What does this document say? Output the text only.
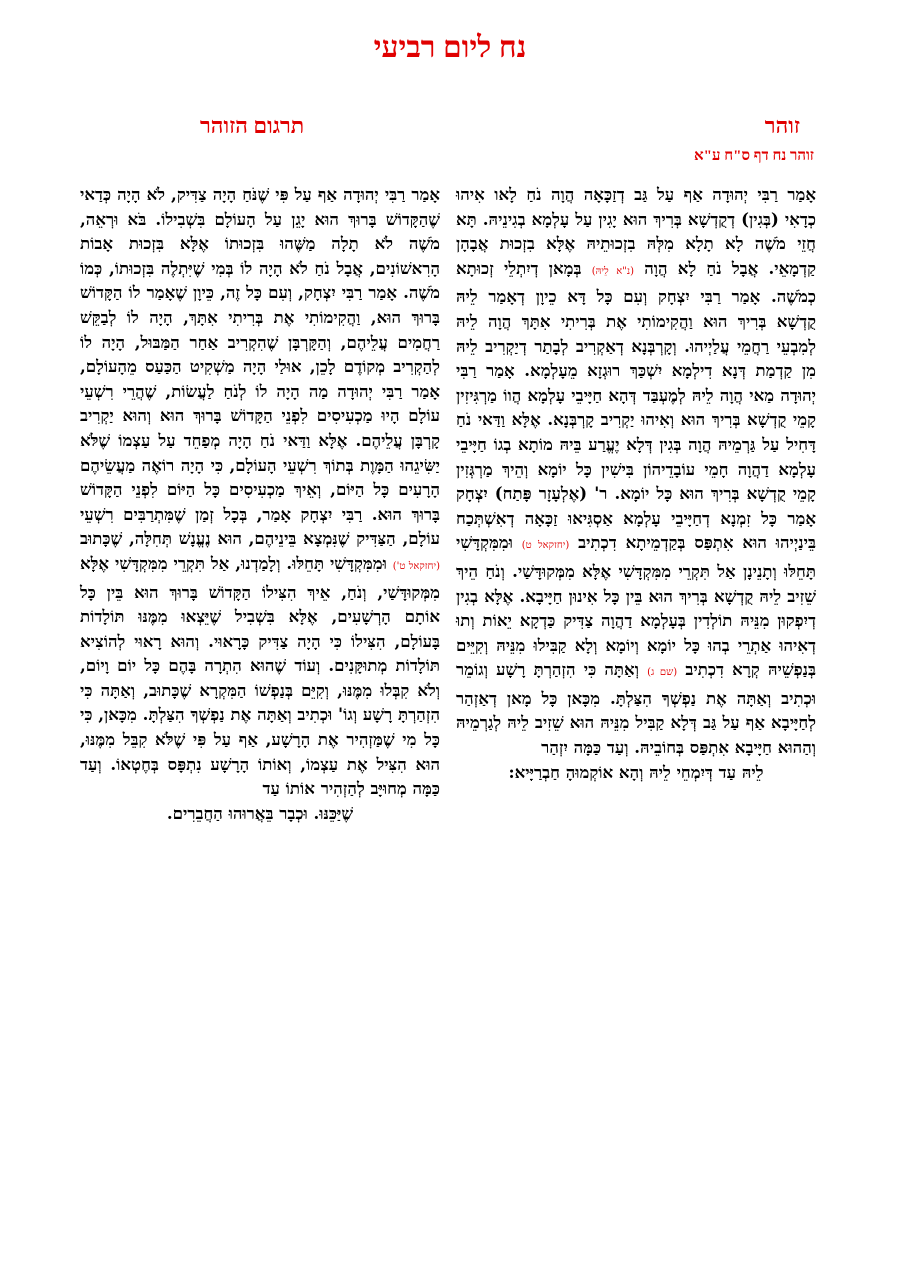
נח ליום רביעי
זוהר
תרגום הזוהר
זוהר נח דף ס"ח ע"א

אָמַר רַבִּי יְהוּדָה אַף עַל גַּב דְזַכָּאָה הֲוָה נֹחַ לָאו אִיהוּ כְדָאִי (בְּגִין) דְקֻדְשָׁא בְּרִיךְ הוּא יָגִין עַל עָלְמָא בְגִינֵיהּ. תָּא חֲזֵי מֹשֶׁה לָא תָלָא מִלְּהּ בִזְכוּתֵיהּ אֶלָּא בִזְכוּת אֲבָהָן קַדְמָאֵי. אֲבָל נֹחַ לָא הֲוָה (נ"א לֵיהּ) בְּמָאן דְיִתְלֵי זְכוּתָא כְמֹשֶׁה. אָמַר רַבִּי יִצְחָק וְעִם כָּל דָּא כֵיוָן דְאָמַר לֵיהּ קֻדְשָׁא בְּרִיךְ הוּא וַהֲקִימוֹתִי אֶת בְּרִיתִי אִתָּךְ הֲוָה לֵיהּ לְמִבְעֵי רַחֲמֵי עֲלַיְיהוּ. וְקָרְבְּנָא דְאַקְרִיב לְבָתַר דְיַקְרִיב לֵיהּ מִן קַדְמַת דְּנָא דִילְמָא יִשְׁכַּךְ רוּגְזָא מֵעָלְמָא. אָמַר רַבִּי יְהוּדָה מַאי הֲוָה לֵיהּ לְמֶעְבַּד דְּהָא חַיָּיבֵי עָלְמָא הֲווֹ מַרְגִּיזִין קָמֵי קֻדְשָׁא בְּרִיךְ הוּא וְאִיהוּ יַקְרִיב קָרְבְּנָא. אֶלָּא וַדַּאי נֹחַ דָּחִיל עַל גַּרְמֵיהּ הֲוָה בְּגִין דְּלָא יֶעֱרַע בֵּיהּ מוֹתָא בְגוֹ חַיָּיבֵי עָלְמָא דַהֲוָה חָמֵי עוֹבָדֵיהוֹן בִּישִׁין כָּל יוֹמָא וְהֵיךְ מַרְגְּזִין קָמֵי קֻדְשָׁא בְּרִיךְ הוּא כָּל יוֹמָא. ר' (אֶלְעָזָר פָּתַח) יִצְחָק אָמַר כָּל זִמְנָא דְחַיָּיבֵי עָלְמָא אַסְגִּיאוּ זַכָּאָה דְאִשְׁתְּכַח בֵּינַיְיהוּ הוּא אִתְפַּס בְּקַדְמֵיתָא דִכְתִיב (יחזקאל ט) וּמִמִּקְדָּשִׁי תָּחֵלּוּ וְתָנֵינָן אַל תִּקְרֵי מִמִּקְדָּשִׁי אֶלָּא מִמְּקוּדָּשַׁי. וְנֹחַ הֵיךְ שֵׁזִיב לֵיהּ קֻדְשָׁא בְּרִיךְ הוּא בֵּין כָּל אִינוּן חַיָּיבָא. אֶלָּא בְגִין דְיִפְקוּן מִנֵּיהּ תוֹלְדִין בְּעָלְמָא דַהֲוָה צַדִּיק כַּדְקָא יֵאוֹת וְתוּ דְאִיהוּ אַתְרֵי בְהוּ כָּל יוֹמָא וְיוֹמָא וְלָא קַבִּילוּ מִנֵּיהּ וְקִיֵּים בְּנַפְשֵׁיהּ קְרָא דִכְתִיב (שם ג) וְאַתָּה כִּי הִזְהַרְתָּ רָשָׁע וְגוֹמֵר וּכְתִיב וְאַתָּה אֶת נַפְשְׁךָ הִצַּלְתָּ. מִכָּאן כָּל מָאן דְאַזְהַר לְחַיָּיבָא אַף עַל גַּב דְּלָא קַבִּיל מִנֵּיהּ הוּא שֵׁזִיב לֵיהּ לְגַרְמֵיהּ וְהַהוּא חַיָּיבָא אִתְפַּס בְּחוֹבֵיהּ. וְעַד כַּמָּה יִזְהַר
לֵיהּ עַד דְּיִמְחֵי לֵיהּ וְהָא אוֹקְמוּהָ חַבְרַיָּיא:

אָמַר רַבִּי יְהוּדָה אַף עַל פִּי שֶׁנֹּחַ הָיָה צַדִּיק, לֹא הָיָה כְּדַאי שֶׁהַקָּדוֹשׁ בָּרוּךְ הוּא יָגֵן עַל הָעוֹלָם בִּשְׁבִילוֹ. בֹּא וּרְאֵה, מֹשֶׁה לֹא תָלָה מַשֶּׁהוּ בִּזְכוּתוֹ אֶלָּא בִּזְכוּת אָבוֹת הָרִאשׁוֹנִים, אֲבָל נֹחַ לֹא הָיָה לוֹ בְּמִי שֶׁיִּתְלֶה בִּזְכוּתוֹ, כְּמוֹ מֹשֶׁה. אָמַר רַבִּי יִצְחָק, וְעִם כָּל זֶה, כֵּיוָן שֶׁאָמַר לוֹ הַקָּדוֹשׁ בָּרוּךְ הוּא, וַהֲקִימוֹתִי אֶת בְּרִיתִי אִתָּךְ, הָיָה לוֹ לְבַקֵּשׁ רַחֲמִים עֲלֵיהֶם, וְהַקָּרְבָּן שֶׁהִקְרִיב אַחַר הַמַּבּוּל, הָיָה לוֹ לְהַקְרִיב מְקוֹדֶם לָכֵן, אוּלַי הָיָה מַשְׁקִיט הַכַּעַס מֵהָעוֹלָם, אָמַר רַבִּי יְהוּדָה מַה הָיָה לוֹ לְנֹחַ לַעֲשׂוֹת, שֶׁהֲרֵי רִשְׁעֵי עוֹלָם הָיוּ מַכְעִיסִים לִפְנֵי הַקָּדוֹשׁ בָּרוּךְ הוּא וְהוּא יַקְרִיב קָרְבָּן עֲלֵיהֶם. אֶלָּא וַדַּאי נֹחַ הָיָה מְפַחֵד עַל עַצְמוֹ שֶׁלֹּא יַשִּׂיגֵהוּ הַמָּוֶת בְּתוֹךְ רִשְׁעֵי הָעוֹלָם, כִּי הָיָה רוֹאֶה מַעֲשֵׂיהֶם הָרָעִים כָּל הַיּוֹם, וְאֵיךְ מַכְעִיסִים כָּל הַיּוֹם לִפְנֵי הַקָּדוֹשׁ בָּרוּךְ הוּא. רַבִּי יִצְחָק אָמַר, בְּכָל זְמַן שֶׁמִּתְרַבִּים רִשְׁעֵי עוֹלָם, הַצַּדִּיק שֶׁנִּמְצָא בֵּינֵיהֶם, הוּא נֶעֱנָשׁ תְּחִלָּה, שֶׁכָּתוּב (יחזקאל ט') וּמִמִּקְדָּשִׁי תָּחֵלּוּ. וְלָמַדְנוּ, אַל תִּקְרֵי מִמִּקְדָּשִׁי אֶלָּא מִמְּקוּדָּשַׁי, וְנֹחַ, אֵיךְ הִצִּילוֹ הַקָּדוֹשׁ בָּרוּךְ הוּא בֵּין כָּל אוֹתָם הָרְשָׁעִים, אֶלָּא בִּשְׁבִיל שֶׁיֵּצְאוּ מִמֶּנּוּ תּוֹלָדוֹת בָּעוֹלָם, הִצִּילוֹ כִּי הָיָה צַדִּיק כָּרָאוּי. וְהוּא רָאוּי לְהוֹצִיא תּוֹלָדוֹת מְתוּקָּנִים. וְעוֹד שֶׁהוּא הִתְרָה בָּהֶם כָּל יוֹם וָיוֹם, וְלֹא קִבְּלוּ מִמֶּנּוּ, וְקִיֵּם בְּנַפְשׁוֹ הַמִּקְרָא שֶׁכָּתוּב, וְאַתָּה כִּי הִזְהַרְתָּ רָשָׁע וְגוֹ' וּכְתִיב וְאַתָּה אֶת נַפְשְׁךָ הִצַּלְתָּ. מִכָּאן, כִּי כָּל מִי שֶׁמַּזְהִיר אֶת הָרָשָׁע, אַף עַל פִּי שֶׁלֹּא קִבֵּל מִמֶּנּוּ, הוּא הִצִּיל אֶת עַצְמוֹ, וְאוֹתוֹ הָרָשָׁע נִתְפָּס בְּחֶטְאוֹ. וְעַד כַּמָּה מְחוּיָּב לְהַזְהִיר אוֹתוֹ עַד
שֶׁיַּכֵּנּוּ. וּכְבָר בֵּאֲרוּהוּ הַחֲבֵרִים.
